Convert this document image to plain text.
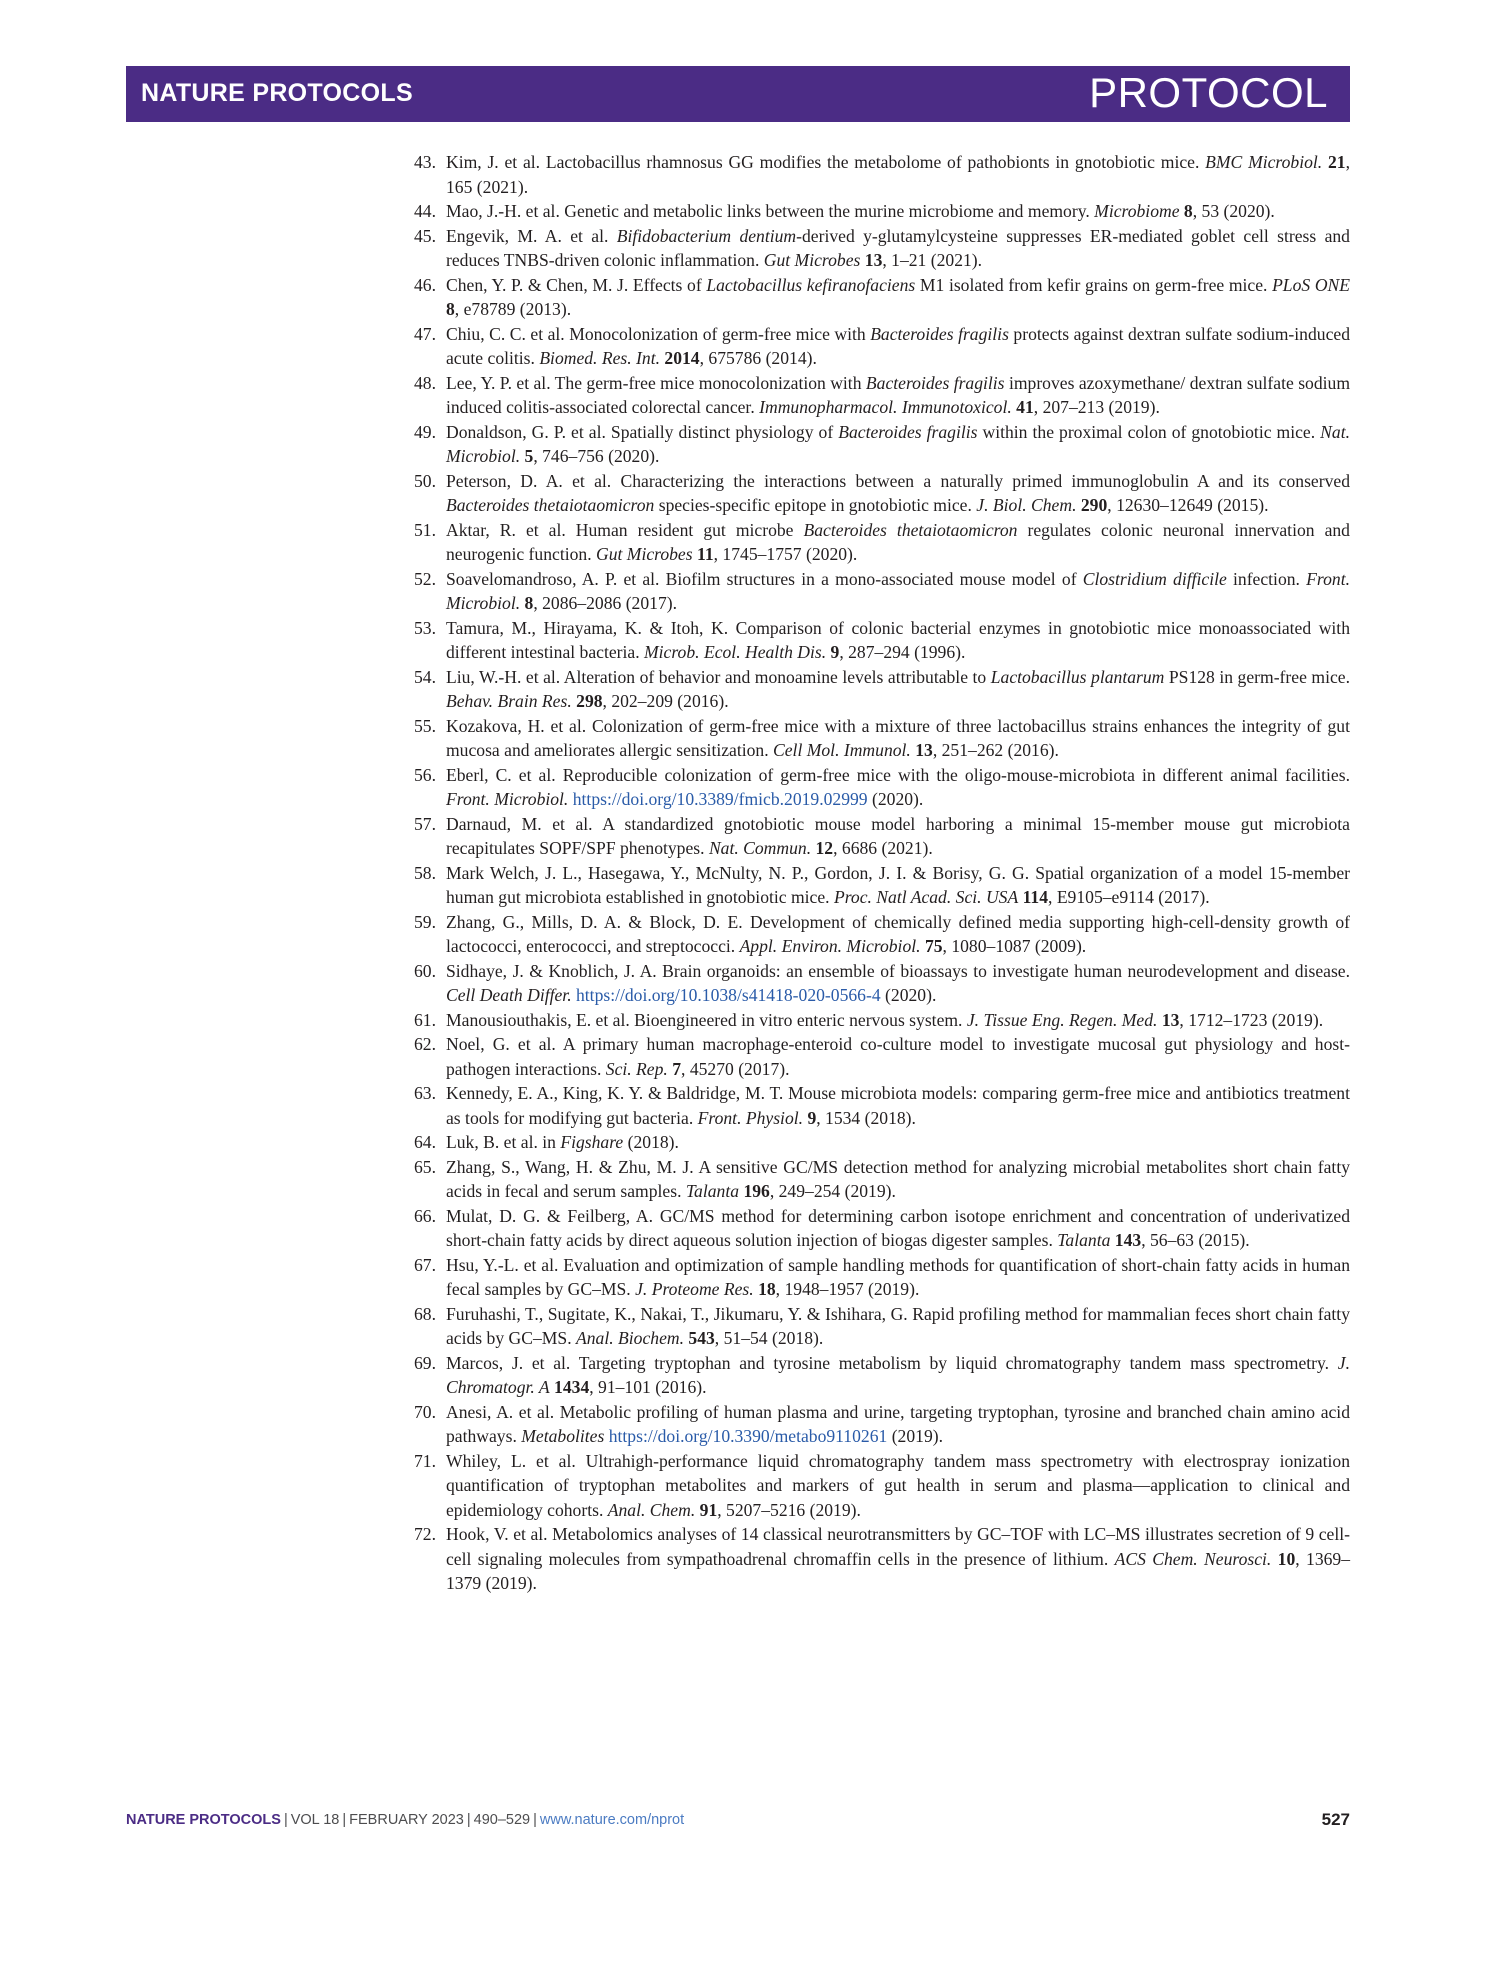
NATURE PROTOCOLS	PROTOCOL
43. Kim, J. et al. Lactobacillus rhamnosus GG modifies the metabolome of pathobionts in gnotobiotic mice. BMC Microbiol. 21, 165 (2021).
44. Mao, J.-H. et al. Genetic and metabolic links between the murine microbiome and memory. Microbiome 8, 53 (2020).
45. Engevik, M. A. et al. Bifidobacterium dentium-derived y-glutamylcysteine suppresses ER-mediated goblet cell stress and reduces TNBS-driven colonic inflammation. Gut Microbes 13, 1–21 (2021).
46. Chen, Y. P. & Chen, M. J. Effects of Lactobacillus kefiranofaciens M1 isolated from kefir grains on germ-free mice. PLoS ONE 8, e78789 (2013).
47. Chiu, C. C. et al. Monocolonization of germ-free mice with Bacteroides fragilis protects against dextran sulfate sodium-induced acute colitis. Biomed. Res. Int. 2014, 675786 (2014).
48. Lee, Y. P. et al. The germ-free mice monocolonization with Bacteroides fragilis improves azoxymethane/ dextran sulfate sodium induced colitis-associated colorectal cancer. Immunopharmacol. Immunotoxicol. 41, 207–213 (2019).
49. Donaldson, G. P. et al. Spatially distinct physiology of Bacteroides fragilis within the proximal colon of gnotobiotic mice. Nat. Microbiol. 5, 746–756 (2020).
50. Peterson, D. A. et al. Characterizing the interactions between a naturally primed immunoglobulin A and its conserved Bacteroides thetaiotaomicron species-specific epitope in gnotobiotic mice. J. Biol. Chem. 290, 12630–12649 (2015).
51. Aktar, R. et al. Human resident gut microbe Bacteroides thetaiotaomicron regulates colonic neuronal innervation and neurogenic function. Gut Microbes 11, 1745–1757 (2020).
52. Soavelomandroso, A. P. et al. Biofilm structures in a mono-associated mouse model of Clostridium difficile infection. Front. Microbiol. 8, 2086–2086 (2017).
53. Tamura, M., Hirayama, K. & Itoh, K. Comparison of colonic bacterial enzymes in gnotobiotic mice monoassociated with different intestinal bacteria. Microb. Ecol. Health Dis. 9, 287–294 (1996).
54. Liu, W.-H. et al. Alteration of behavior and monoamine levels attributable to Lactobacillus plantarum PS128 in germ-free mice. Behav. Brain Res. 298, 202–209 (2016).
55. Kozakova, H. et al. Colonization of germ-free mice with a mixture of three lactobacillus strains enhances the integrity of gut mucosa and ameliorates allergic sensitization. Cell Mol. Immunol. 13, 251–262 (2016).
56. Eberl, C. et al. Reproducible colonization of germ-free mice with the oligo-mouse-microbiota in different animal facilities. Front. Microbiol. https://doi.org/10.3389/fmicb.2019.02999 (2020).
57. Darnaud, M. et al. A standardized gnotobiotic mouse model harboring a minimal 15-member mouse gut microbiota recapitulates SOPF/SPF phenotypes. Nat. Commun. 12, 6686 (2021).
58. Mark Welch, J. L., Hasegawa, Y., McNulty, N. P., Gordon, J. I. & Borisy, G. G. Spatial organization of a model 15-member human gut microbiota established in gnotobiotic mice. Proc. Natl Acad. Sci. USA 114, E9105–e9114 (2017).
59. Zhang, G., Mills, D. A. & Block, D. E. Development of chemically defined media supporting high-cell-density growth of lactococci, enterococci, and streptococci. Appl. Environ. Microbiol. 75, 1080–1087 (2009).
60. Sidhaye, J. & Knoblich, J. A. Brain organoids: an ensemble of bioassays to investigate human neurodevelopment and disease. Cell Death Differ. https://doi.org/10.1038/s41418-020-0566-4 (2020).
61. Manousiouthakis, E. et al. Bioengineered in vitro enteric nervous system. J. Tissue Eng. Regen. Med. 13, 1712–1723 (2019).
62. Noel, G. et al. A primary human macrophage-enteroid co-culture model to investigate mucosal gut physiology and host-pathogen interactions. Sci. Rep. 7, 45270 (2017).
63. Kennedy, E. A., King, K. Y. & Baldridge, M. T. Mouse microbiota models: comparing germ-free mice and antibiotics treatment as tools for modifying gut bacteria. Front. Physiol. 9, 1534 (2018).
64. Luk, B. et al. in Figshare (2018).
65. Zhang, S., Wang, H. & Zhu, M. J. A sensitive GC/MS detection method for analyzing microbial metabolites short chain fatty acids in fecal and serum samples. Talanta 196, 249–254 (2019).
66. Mulat, D. G. & Feilberg, A. GC/MS method for determining carbon isotope enrichment and concentration of underivatized short-chain fatty acids by direct aqueous solution injection of biogas digester samples. Talanta 143, 56–63 (2015).
67. Hsu, Y.-L. et al. Evaluation and optimization of sample handling methods for quantification of short-chain fatty acids in human fecal samples by GC–MS. J. Proteome Res. 18, 1948–1957 (2019).
68. Furuhashi, T., Sugitate, K., Nakai, T., Jikumaru, Y. & Ishihara, G. Rapid profiling method for mammalian feces short chain fatty acids by GC–MS. Anal. Biochem. 543, 51–54 (2018).
69. Marcos, J. et al. Targeting tryptophan and tyrosine metabolism by liquid chromatography tandem mass spectrometry. J. Chromatogr. A 1434, 91–101 (2016).
70. Anesi, A. et al. Metabolic profiling of human plasma and urine, targeting tryptophan, tyrosine and branched chain amino acid pathways. Metabolites https://doi.org/10.3390/metabo9110261 (2019).
71. Whiley, L. et al. Ultrahigh-performance liquid chromatography tandem mass spectrometry with electrospray ionization quantification of tryptophan metabolites and markers of gut health in serum and plasma—application to clinical and epidemiology cohorts. Anal. Chem. 91, 5207–5216 (2019).
72. Hook, V. et al. Metabolomics analyses of 14 classical neurotransmitters by GC–TOF with LC–MS illustrates secretion of 9 cell-cell signaling molecules from sympathoadrenal chromaffin cells in the presence of lithium. ACS Chem. Neurosci. 10, 1369–1379 (2019).
NATURE PROTOCOLS | VOL 18 | FEBRUARY 2023 | 490–529 | www.nature.com/nprot	527
